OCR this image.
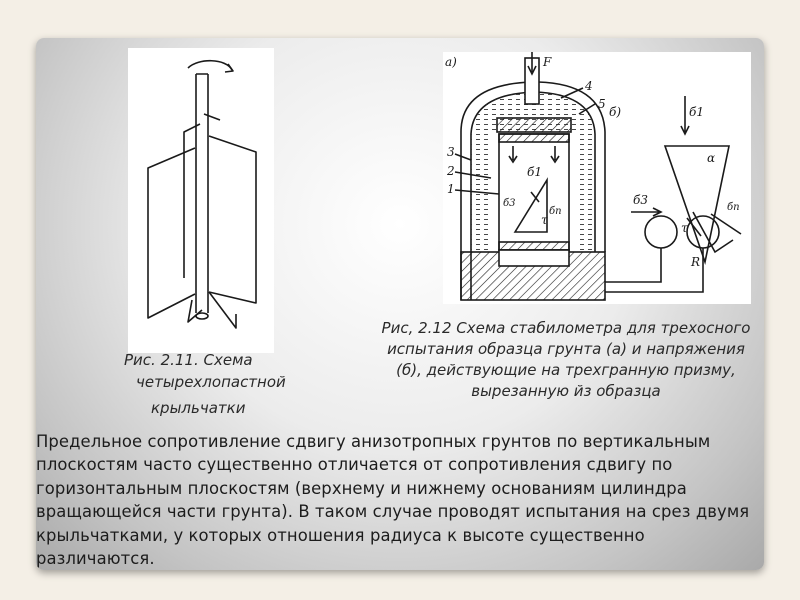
а)	F
3
2
1
4
5
б)
б1
б3
бп
τ
б1
б3
бп
τ
α
R
Рис. 2.11. Схема
четырехлопастной
крыльчатки
Рис, 2.12 Схема стабилометра для трехосного испытания образца грунта (а) и напряжения (б), действующие на трехгранную призму, вырезанную йз образца
Предельное сопротивление сдвигу анизотропных грунтов по вертикальным плоскостям часто существенно отличается от сопротивления сдвигу по горизонтальным плоскостям (верхнему и нижнему основаниям цилиндра вращающейся части грунта). В таком случае проводят испытания на срез двумя крыльчатками, у которых отношения радиуса к высоте существенно различаются.
